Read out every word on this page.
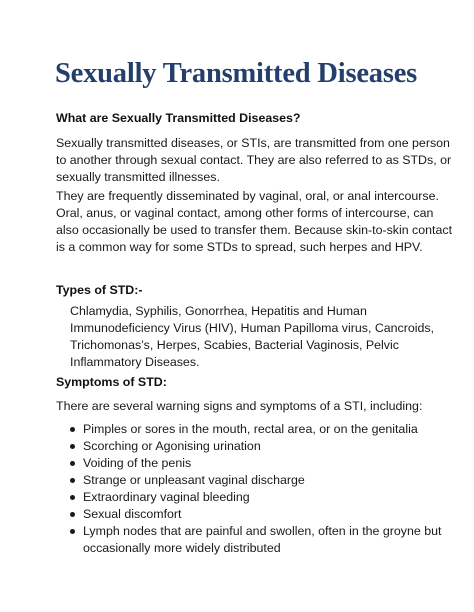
Sexually Transmitted Diseases
What are Sexually Transmitted Diseases?
Sexually transmitted diseases, or STIs, are transmitted from one person
to another through sexual contact. They are also referred to as STDs, or
sexually transmitted illnesses.
They are frequently disseminated by vaginal, oral, or anal intercourse.
Oral, anus, or vaginal contact, among other forms of intercourse, can
also occasionally be used to transfer them. Because skin-to-skin contact
is a common way for some STDs to spread, such herpes and HPV.
Types of STD:-
Chlamydia, Syphilis, Gonorrhea, Hepatitis and Human
Immunodeficiency Virus (HIV), Human Papilloma virus, Cancroids,
Trichomonas’s, Herpes, Scabies, Bacterial Vaginosis, Pelvic
Inflammatory Diseases.
Symptoms of STD:
There are several warning signs and symptoms of a STI, including:
Pimples or sores in the mouth, rectal area, or on the genitalia
Scorching or Agonising urination
Voiding of the penis
Strange or unpleasant vaginal discharge
Extraordinary vaginal bleeding
Sexual discomfort
Lymph nodes that are painful and swollen, often in the groyne but
occasionally more widely distributed
